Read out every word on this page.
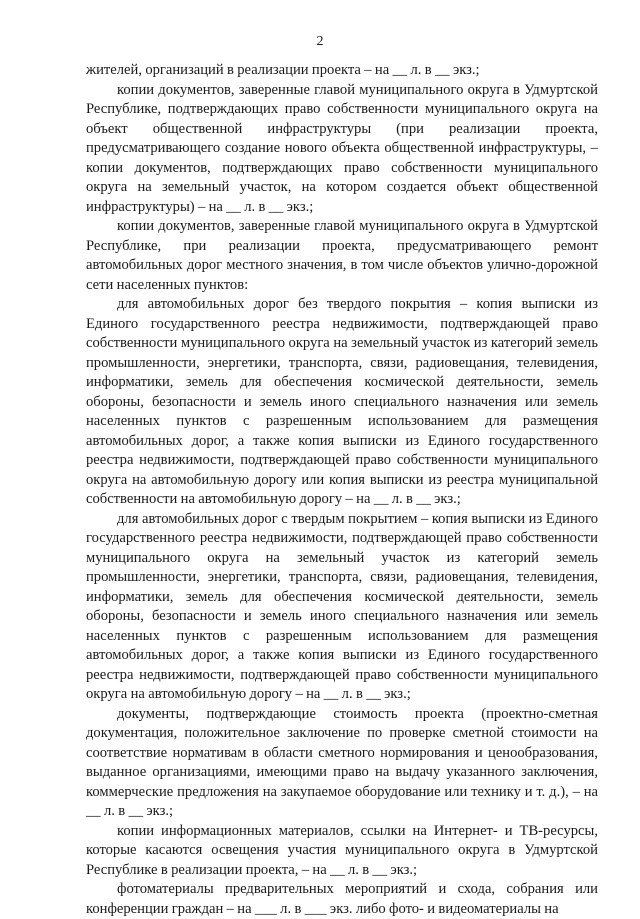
2

жителей, организаций в реализации проекта – на __ л. в __ экз.;

копии документов, заверенные главой муниципального округа в Удмуртской Республике, подтверждающих право собственности муниципального округа на объект общественной инфраструктуры (при реализации проекта, предусматривающего создание нового объекта общественной инфраструктуры, – копии документов, подтверждающих право собственности муниципального округа на земельный участок, на котором создается объект общественной инфраструктуры) – на __ л. в __ экз.;

копии документов, заверенные главой муниципального округа в Удмуртской Республике, при реализации проекта, предусматривающего ремонт автомобильных дорог местного значения, в том числе объектов улично-дорожной сети населенных пунктов:

для автомобильных дорог без твердого покрытия – копия выписки из Единого государственного реестра недвижимости, подтверждающей право собственности муниципального округа на земельный участок из категорий земель промышленности, энергетики, транспорта, связи, радиовещания, телевидения, информатики, земель для обеспечения космической деятельности, земель обороны, безопасности и земель иного специального назначения или земель населенных пунктов с разрешенным использованием для размещения автомобильных дорог, а также копия выписки из Единого государственного реестра недвижимости, подтверждающей право собственности муниципального округа на автомобильную дорогу или копия выписки из реестра муниципальной собственности на автомобильную дорогу – на __ л. в __ экз.;

для автомобильных дорог с твердым покрытием – копия выписки из Единого государственного реестра недвижимости, подтверждающей право собственности муниципального округа на земельный участок из категорий земель промышленности, энергетики, транспорта, связи, радиовещания, телевидения, информатики, земель для обеспечения космической деятельности, земель обороны, безопасности и земель иного специального назначения или земель населенных пунктов с разрешенным использованием для размещения автомобильных дорог, а также копия выписки из Единого государственного реестра недвижимости, подтверждающей право собственности муниципального округа на автомобильную дорогу – на __ л. в __ экз.;

документы, подтверждающие стоимость проекта (проектно-сметная документация, положительное заключение по проверке сметной стоимости на соответствие нормативам в области сметного нормирования и ценообразования, выданное организациями, имеющими право на выдачу указанного заключения, коммерческие предложения на закупаемое оборудование или технику и т. д.), – на __ л. в __ экз.;

копии информационных материалов, ссылки на Интернет- и ТВ-ресурсы, которые касаются освещения участия муниципального округа в Удмуртской Республике в реализации проекта, – на __ л. в __ экз.;

фотоматериалы предварительных мероприятий и схода, собрания или конференции граждан – на ___ л. в ___ экз. либо фото- и видеоматериалы на
